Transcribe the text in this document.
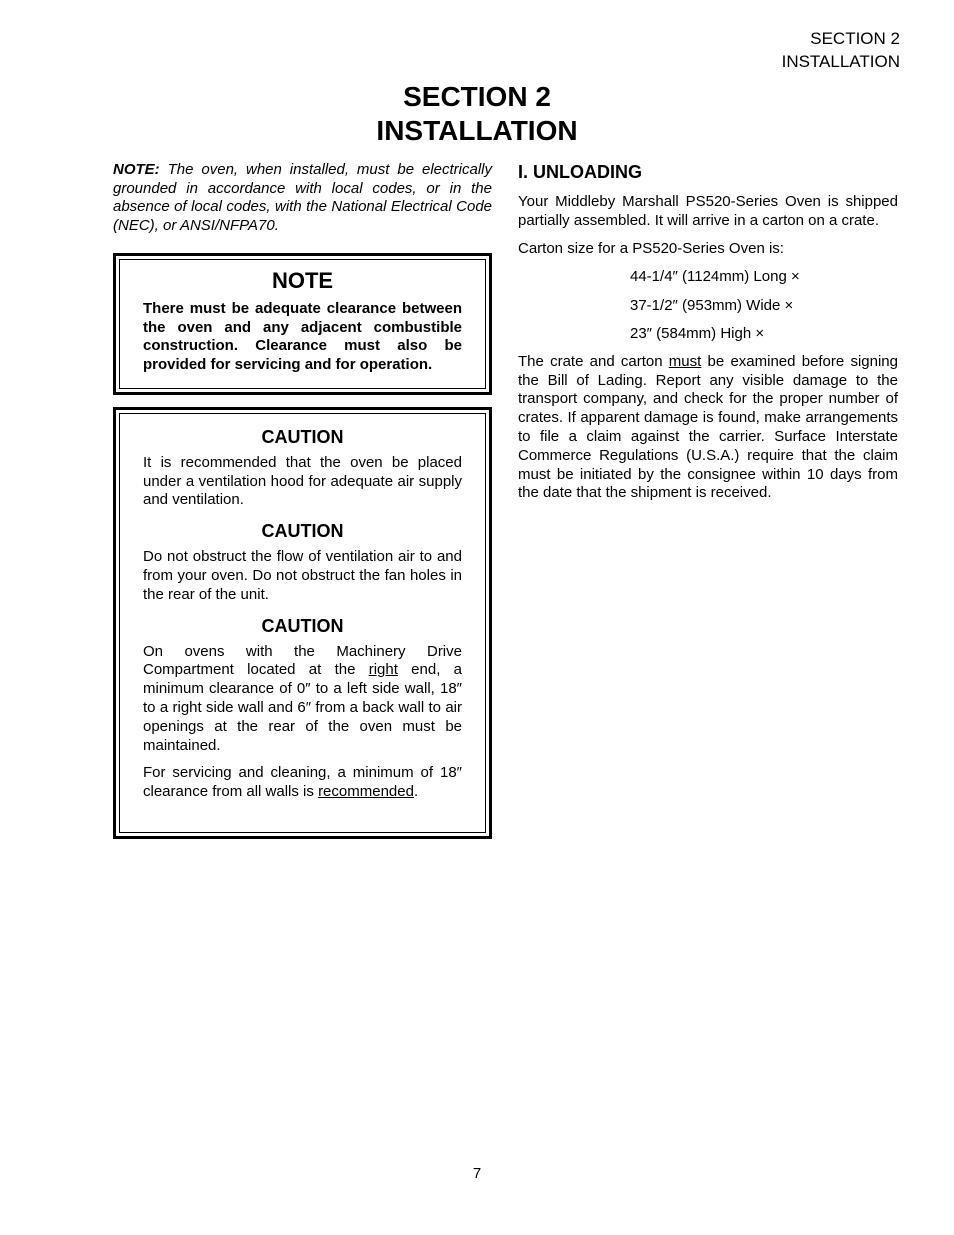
SECTION 2
INSTALLATION
SECTION 2
INSTALLATION

NOTE: The oven, when installed, must be electrically grounded in accordance with local codes, or in the absence of local codes, with the National Electrical Code (NEC), or ANSI/NFPA70.

NOTE
There must be adequate clearance between the oven and any adjacent combustible construction. Clearance must also be provided for servicing and for operation.
CAUTION

It is recommended that the oven be placed under a ventilation hood for adequate air supply and ventilation.

CAUTION

Do not obstruct the flow of ventilation air to and from your oven. Do not obstruct the fan holes in the rear of the unit.

CAUTION

On ovens with the Machinery Drive Compartment located at the right end, a minimum clearance of 0″ to a left side wall, 18″ to a right side wall and 6″ from a back wall to air openings at the rear of the oven must be maintained.

For servicing and cleaning, a minimum of 18″ clearance from all walls is recommended.

I. UNLOADING

Your Middleby Marshall PS520-Series Oven is shipped partially assembled. It will arrive in a carton on a crate.

Carton size for a PS520-Series Oven is:

44-1/4″ (1124mm) Long ×
37-1/2″ (953mm) Wide ×
23″ (584mm) High ×

The crate and carton must be examined before signing the Bill of Lading. Report any visible damage to the transport company, and check for the proper number of crates. If apparent damage is found, make arrangements to file a claim against the carrier. Surface Interstate Commerce Regulations (U.S.A.) require that the claim must be initiated by the consignee within 10 days from the date that the shipment is received.

7
